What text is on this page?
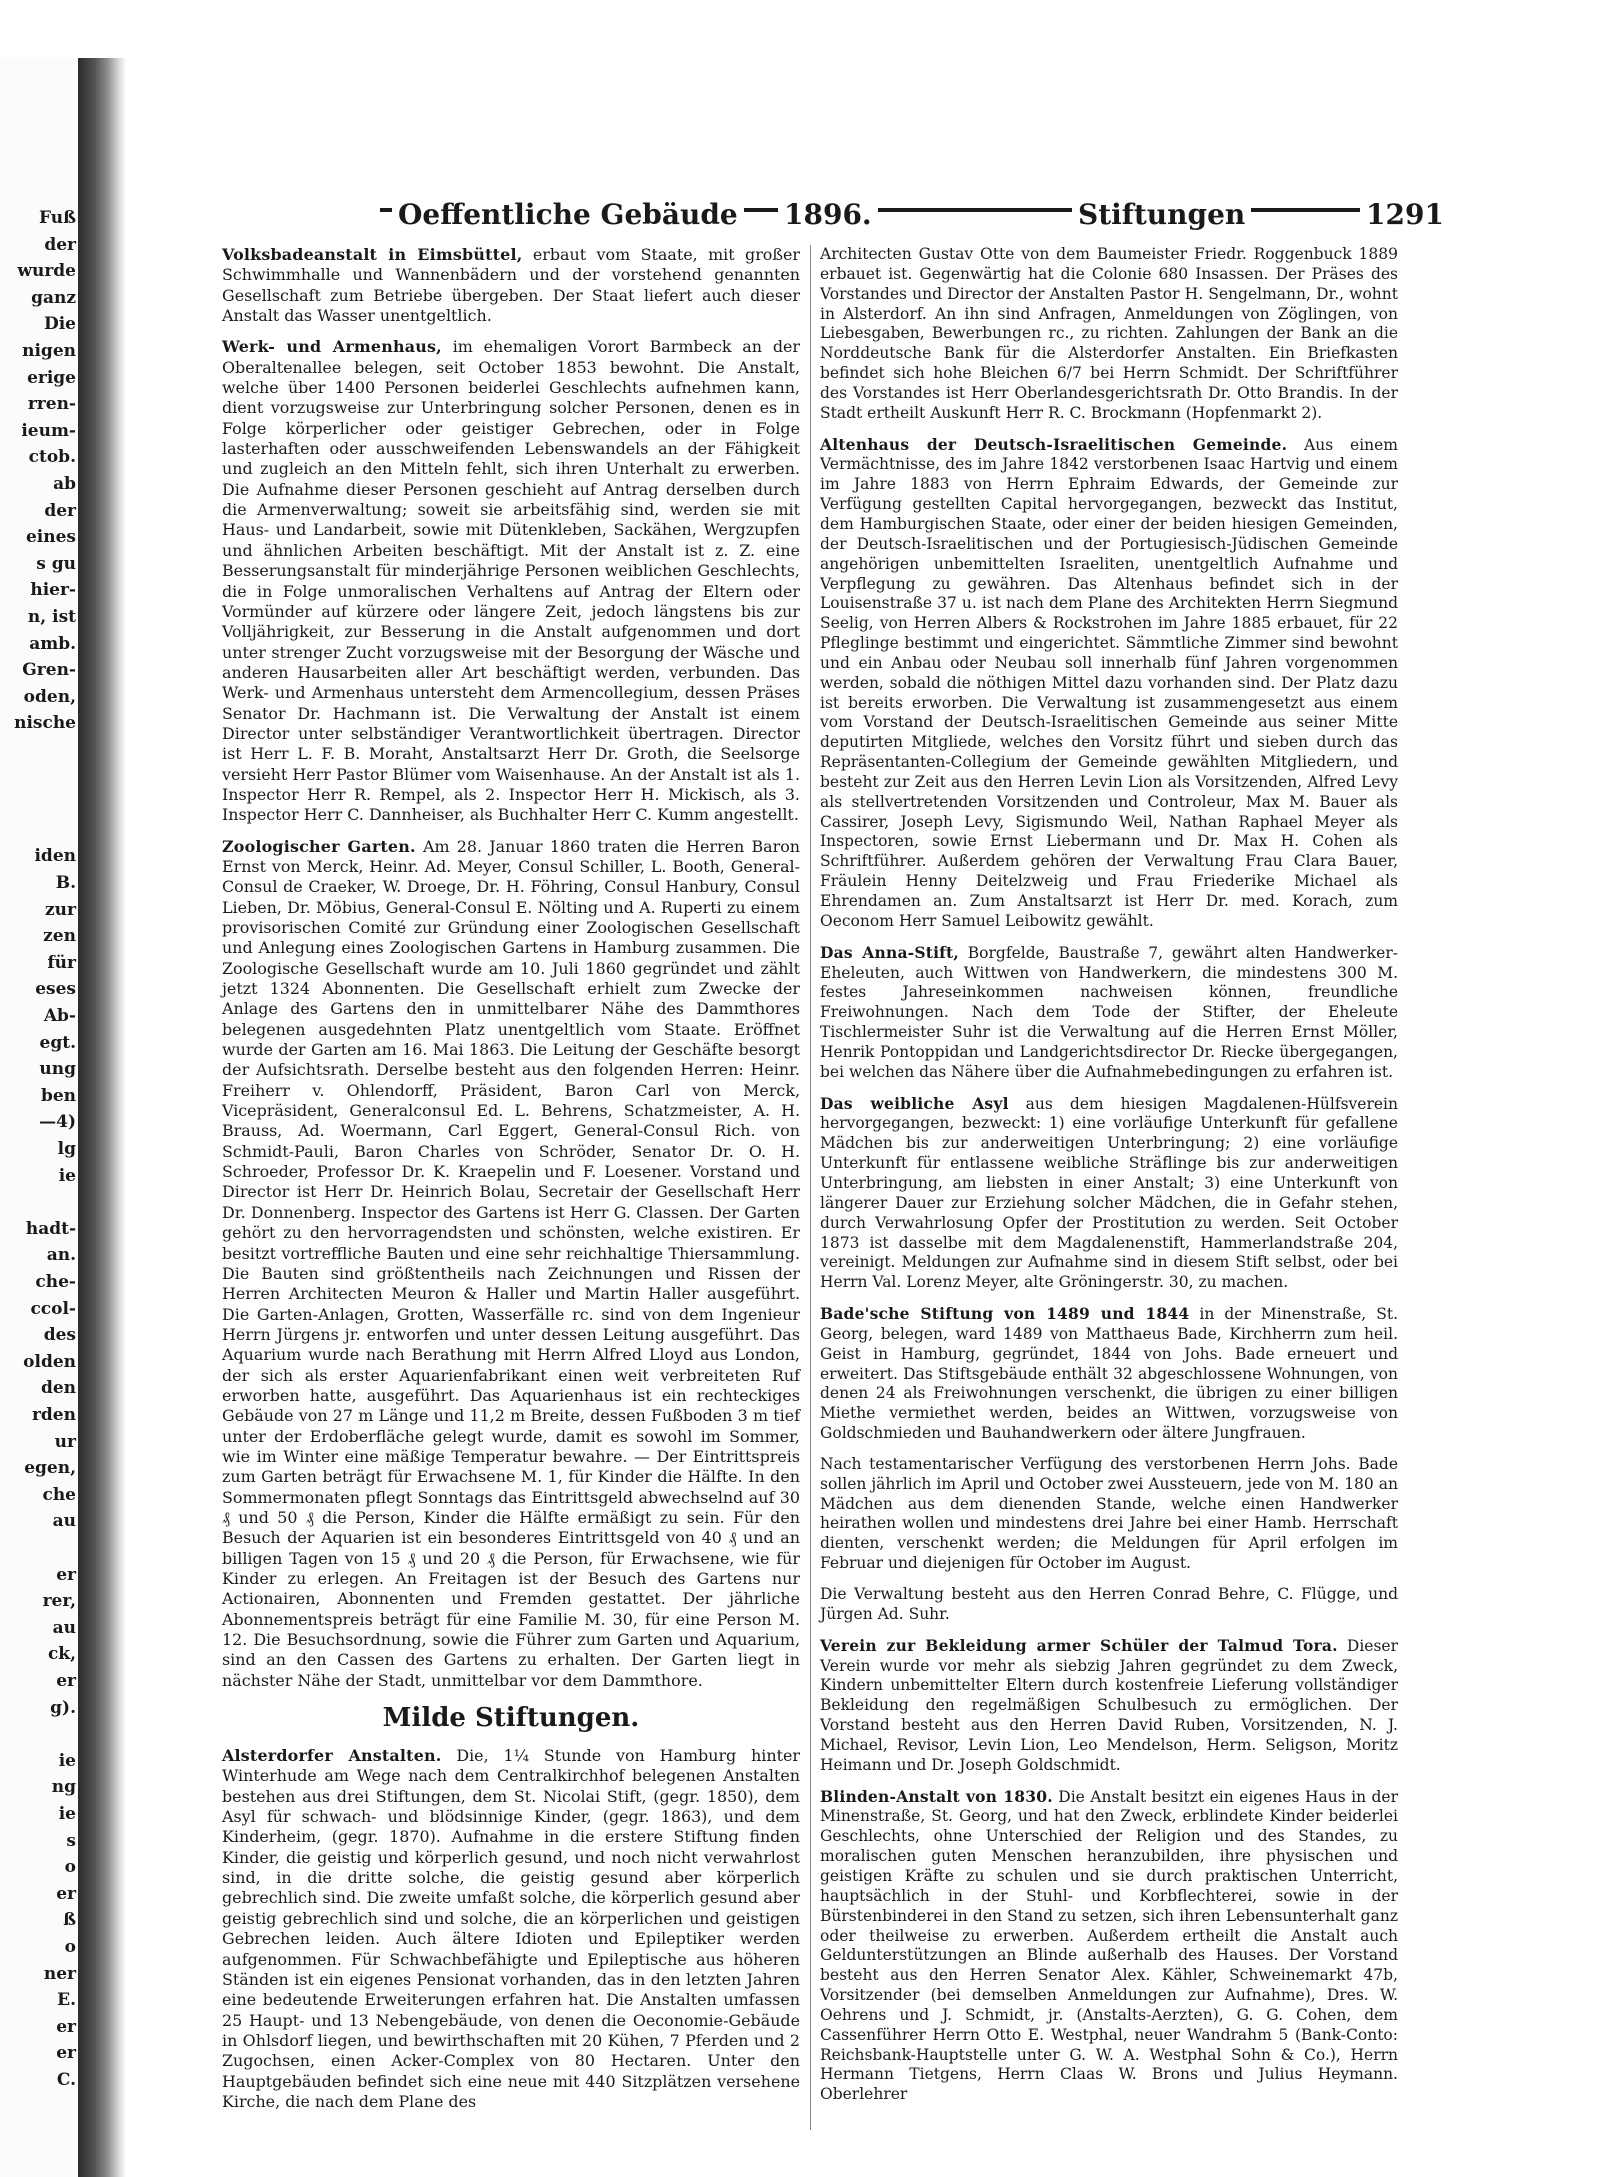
Fuß
der
wurde
ganz
Die
nigen
erige
rren-
ieum-
ctob.
ab
der
eines
s gu
hier-
n, ist
amb.
Gren-
oden,
nische
iden
B.
zur
zen
für
eses
Ab-
egt.
ung
ben
—4)
lg
ie
hadt-
an.
che-
ccol-
des
olden
den
rden
ur
egen,
che
au
er
rer,
au
ck,
er
g).
ie
ng
ie
s
o
er
ß
o
ner
E.
er
er
C.
Oeffentliche Gebäude 1896.	Stiftungen	1291

Volksbadeanstalt in Eimsbüttel, erbaut vom Staate, mit großer Schwimmhalle und Wannenbädern und der vorstehend genannten Gesellschaft zum Betriebe übergeben. Der Staat liefert auch dieser Anstalt das Wasser unentgeltlich.

Werk- und Armenhaus, im ehemaligen Vorort Barmbeck an der Oberaltenallee belegen, seit October 1853 bewohnt. Die Anstalt, welche über 1400 Personen beiderlei Geschlechts aufnehmen kann, dient vorzugsweise zur Unterbringung solcher Personen, denen es in Folge körperlicher oder geistiger Gebrechen, oder in Folge lasterhaften oder ausschweifenden Lebenswandels an der Fähigkeit und zugleich an den Mitteln fehlt, sich ihren Unterhalt zu erwerben. Die Aufnahme dieser Personen geschieht auf Antrag derselben durch die Armenverwaltung; soweit sie arbeitsfähig sind, werden sie mit Haus- und Landarbeit, sowie mit Dütenkleben, Sackähen, Wergzupfen und ähnlichen Arbeiten beschäftigt. Mit der Anstalt ist z. Z. eine Besserungsanstalt für minderjährige Personen weiblichen Geschlechts, die in Folge unmoralischen Verhaltens auf Antrag der Eltern oder Vormünder auf kürzere oder längere Zeit, jedoch längstens bis zur Volljährigkeit, zur Besserung in die Anstalt aufgenommen und dort unter strenger Zucht vorzugsweise mit der Besorgung der Wäsche und anderen Hausarbeiten aller Art beschäftigt werden, verbunden. Das Werk- und Armenhaus untersteht dem Armencollegium, dessen Präses Senator Dr. Hachmann ist. Die Verwaltung der Anstalt ist einem Director unter selbständiger Verantwortlichkeit übertragen. Director ist Herr L. F. B. Moraht, Anstaltsarzt Herr Dr. Groth, die Seelsorge versieht Herr Pastor Blümer vom Waisenhause. An der Anstalt ist als 1. Inspector Herr R. Rempel, als 2. Inspector Herr H. Mickisch, als 3. Inspector Herr C. Dannheiser, als Buchhalter Herr C. Kumm angestellt.

Zoologischer Garten. Am 28. Januar 1860 traten die Herren Baron Ernst von Merck, Heinr. Ad. Meyer, Consul Schiller, L. Booth, General-Consul de Craeker, W. Droege, Dr. H. Föhring, Consul Hanbury, Consul Lieben, Dr. Möbius, General-Consul E. Nölting und A. Ruperti zu einem provisorischen Comité zur Gründung einer Zoologischen Gesellschaft und Anlegung eines Zoologischen Gartens in Hamburg zusammen. Die Zoologische Gesellschaft wurde am 10. Juli 1860 gegründet und zählt jetzt 1324 Abonnenten. Die Gesellschaft erhielt zum Zwecke der Anlage des Gartens den in unmittelbarer Nähe des Dammthores belegenen ausgedehnten Platz unentgeltlich vom Staate. Eröffnet wurde der Garten am 16. Mai 1863. Die Leitung der Geschäfte besorgt der Aufsichtsrath. Derselbe besteht aus den folgenden Herren: Heinr. Freiherr v. Ohlendorff, Präsident, Baron Carl von Merck, Vicepräsident, Generalconsul Ed. L. Behrens, Schatzmeister, A. H. Brauss, Ad. Woermann, Carl Eggert, General-Consul Rich. von Schmidt-Pauli, Baron Charles von Schröder, Senator Dr. O. H. Schroeder, Professor Dr. K. Kraepelin und F. Loesener. Vorstand und Director ist Herr Dr. Heinrich Bolau, Secretair der Gesellschaft Herr Dr. Donnenberg. Inspector des Gartens ist Herr G. Classen. Der Garten gehört zu den hervorragendsten und schönsten, welche existiren. Er besitzt vortreffliche Bauten und eine sehr reichhaltige Thiersammlung. Die Bauten sind größtentheils nach Zeichnungen und Rissen der Herren Architecten Meuron & Haller und Martin Haller ausgeführt. Die Garten-Anlagen, Grotten, Wasserfälle rc. sind von dem Ingenieur Herrn Jürgens jr. entworfen und unter dessen Leitung ausgeführt. Das Aquarium wurde nach Berathung mit Herrn Alfred Lloyd aus London, der sich als erster Aquarienfabrikant einen weit verbreiteten Ruf erworben hatte, ausgeführt. Das Aquarienhaus ist ein rechteckiges Gebäude von 27 m Länge und 11,2 m Breite, dessen Fußboden 3 m tief unter der Erdoberfläche gelegt wurde, damit es sowohl im Sommer, wie im Winter eine mäßige Temperatur bewahre. — Der Eintrittspreis zum Garten beträgt für Erwachsene M. 1, für Kinder die Hälfte. In den Sommermonaten pflegt Sonntags das Eintrittsgeld abwechselnd auf 30 ₰ und 50 ₰ die Person, Kinder die Hälfte ermäßigt zu sein. Für den Besuch der Aquarien ist ein besonderes Eintrittsgeld von 40 ₰ und an billigen Tagen von 15 ₰ und 20 ₰ die Person, für Erwachsene, wie für Kinder zu erlegen. An Freitagen ist der Besuch des Gartens nur Actionairen, Abonnenten und Fremden gestattet. Der jährliche Abonnementspreis beträgt für eine Familie M. 30, für eine Person M. 12. Die Besuchsordnung, sowie die Führer zum Garten und Aquarium, sind an den Cassen des Gartens zu erhalten. Der Garten liegt in nächster Nähe der Stadt, unmittelbar vor dem Dammthore.

Milde Stiftungen.

Alsterdorfer Anstalten. Die, 1¼ Stunde von Hamburg hinter Winterhude am Wege nach dem Centralkirchhof belegenen Anstalten bestehen aus drei Stiftungen, dem St. Nicolai Stift, (gegr. 1850), dem Asyl für schwach- und blödsinnige Kinder, (gegr. 1863), und dem Kinderheim, (gegr. 1870). Aufnahme in die erstere Stiftung finden Kinder, die geistig und körperlich gesund, und noch nicht verwahrlost sind, in die dritte solche, die geistig gesund aber körperlich gebrechlich sind. Die zweite umfaßt solche, die körperlich gesund aber geistig gebrechlich sind und solche, die an körperlichen und geistigen Gebrechen leiden. Auch ältere Idioten und Epileptiker werden aufgenommen. Für Schwachbefähigte und Epileptische aus höheren Ständen ist ein eigenes Pensionat vorhanden, das in den letzten Jahren eine bedeutende Erweiterungen erfahren hat. Die Anstalten umfassen 25 Haupt- und 13 Nebengebäude, von denen die Oeconomie-Gebäude in Ohlsdorf liegen, und bewirthschaften mit 20 Kühen, 7 Pferden und 2 Zugochsen, einen Acker-Complex von 80 Hectaren. Unter den Hauptgebäuden befindet sich eine neue mit 440 Sitzplätzen versehene Kirche, die nach dem Plane des

Architecten Gustav Otte von dem Baumeister Friedr. Roggenbuck 1889 erbauet ist. Gegenwärtig hat die Colonie 680 Insassen. Der Präses des Vorstandes und Director der Anstalten Pastor H. Sengelmann, Dr., wohnt in Alsterdorf. An ihn sind Anfragen, Anmeldungen von Zöglingen, von Liebesgaben, Bewerbungen rc., zu richten. Zahlungen der Bank an die Norddeutsche Bank für die Alsterdorfer Anstalten. Ein Briefkasten befindet sich hohe Bleichen 6/7 bei Herrn Schmidt. Der Schriftführer des Vorstandes ist Herr Oberlandesgerichtsrath Dr. Otto Brandis. In der Stadt ertheilt Auskunft Herr R. C. Brockmann (Hopfenmarkt 2).

Altenhaus der Deutsch-Israelitischen Gemeinde. Aus einem Vermächtnisse, des im Jahre 1842 verstorbenen Isaac Hartvig und einem im Jahre 1883 von Herrn Ephraim Edwards, der Gemeinde zur Verfügung gestellten Capital hervorgegangen, bezweckt das Institut, dem Hamburgischen Staate, oder einer der beiden hiesigen Gemeinden, der Deutsch-Israelitischen und der Portugiesisch-Jüdischen Gemeinde angehörigen unbemittelten Israeliten, unentgeltlich Aufnahme und Verpflegung zu gewähren. Das Altenhaus befindet sich in der Louisenstraße 37 u. ist nach dem Plane des Architekten Herrn Siegmund Seelig, von Herren Albers & Rockstrohen im Jahre 1885 erbauet, für 22 Pfleglinge bestimmt und eingerichtet. Sämmtliche Zimmer sind bewohnt und ein Anbau oder Neubau soll innerhalb fünf Jahren vorgenommen werden, sobald die nöthigen Mittel dazu vorhanden sind. Der Platz dazu ist bereits erworben. Die Verwaltung ist zusammengesetzt aus einem vom Vorstand der Deutsch-Israelitischen Gemeinde aus seiner Mitte deputirten Mitgliede, welches den Vorsitz führt und sieben durch das Repräsentanten-Collegium der Gemeinde gewählten Mitgliedern, und besteht zur Zeit aus den Herren Levin Lion als Vorsitzenden, Alfred Levy als stellvertretenden Vorsitzenden und Controleur, Max M. Bauer als Cassirer, Joseph Levy, Sigismundo Weil, Nathan Raphael Meyer als Inspectoren, sowie Ernst Liebermann und Dr. Max H. Cohen als Schriftführer. Außerdem gehören der Verwaltung Frau Clara Bauer, Fräulein Henny Deitelzweig und Frau Friederike Michael als Ehrendamen an. Zum Anstaltsarzt ist Herr Dr. med. Korach, zum Oeconom Herr Samuel Leibowitz gewählt.

Das Anna-Stift, Borgfelde, Baustraße 7, gewährt alten Handwerker-Eheleuten, auch Wittwen von Handwerkern, die mindestens 300 M. festes Jahreseinkommen nachweisen können, freundliche Freiwohnungen. Nach dem Tode der Stifter, der Eheleute Tischlermeister Suhr ist die Verwaltung auf die Herren Ernst Möller, Henrik Pontoppidan und Landgerichtsdirector Dr. Riecke übergegangen, bei welchen das Nähere über die Aufnahmebedingungen zu erfahren ist.

Das weibliche Asyl aus dem hiesigen Magdalenen-Hülfsverein hervorgegangen, bezweckt: 1) eine vorläufige Unterkunft für gefallene Mädchen bis zur anderweitigen Unterbringung; 2) eine vorläufige Unterkunft für entlassene weibliche Sträflinge bis zur anderweitigen Unterbringung, am liebsten in einer Anstalt; 3) eine Unterkunft von längerer Dauer zur Erziehung solcher Mädchen, die in Gefahr stehen, durch Verwahrlosung Opfer der Prostitution zu werden. Seit October 1873 ist dasselbe mit dem Magdalenenstift, Hammerlandstraße 204, vereinigt. Meldungen zur Aufnahme sind in diesem Stift selbst, oder bei Herrn Val. Lorenz Meyer, alte Gröningerstr. 30, zu machen.

Bade'sche Stiftung von 1489 und 1844 in der Minenstraße, St. Georg, belegen, ward 1489 von Matthaeus Bade, Kirchherrn zum heil. Geist in Hamburg, gegründet, 1844 von Johs. Bade erneuert und erweitert. Das Stiftsgebäude enthält 32 abgeschlossene Wohnungen, von denen 24 als Freiwohnungen verschenkt, die übrigen zu einer billigen Miethe vermiethet werden, beides an Wittwen, vorzugsweise von Goldschmieden und Bauhandwerkern oder ältere Jungfrauen.

Nach testamentarischer Verfügung des verstorbenen Herrn Johs. Bade sollen jährlich im April und October zwei Aussteuern, jede von M. 180 an Mädchen aus dem dienenden Stande, welche einen Handwerker heirathen wollen und mindestens drei Jahre bei einer Hamb. Herrschaft dienten, verschenkt werden; die Meldungen für April erfolgen im Februar und diejenigen für October im August.

Die Verwaltung besteht aus den Herren Conrad Behre, C. Flügge, und Jürgen Ad. Suhr.

Verein zur Bekleidung armer Schüler der Talmud Tora. Dieser Verein wurde vor mehr als siebzig Jahren gegründet zu dem Zweck, Kindern unbemittelter Eltern durch kostenfreie Lieferung vollständiger Bekleidung den regelmäßigen Schulbesuch zu ermöglichen. Der Vorstand besteht aus den Herren David Ruben, Vorsitzenden, N. J. Michael, Revisor, Levin Lion, Leo Mendelson, Herm. Seligson, Moritz Heimann und Dr. Joseph Goldschmidt.

Blinden-Anstalt von 1830. Die Anstalt besitzt ein eigenes Haus in der Minenstraße, St. Georg, und hat den Zweck, erblindete Kinder beiderlei Geschlechts, ohne Unterschied der Religion und des Standes, zu moralischen guten Menschen heranzubilden, ihre physischen und geistigen Kräfte zu schulen und sie durch praktischen Unterricht, hauptsächlich in der Stuhl- und Korbflechterei, sowie in der Bürstenbinderei in den Stand zu setzen, sich ihren Lebensunterhalt ganz oder theilweise zu erwerben. Außerdem ertheilt die Anstalt auch Geldunterstützungen an Blinde außerhalb des Hauses. Der Vorstand besteht aus den Herren Senator Alex. Kähler, Schweinemarkt 47b, Vorsitzender (bei demselben Anmeldungen zur Aufnahme), Dres. W. Oehrens und J. Schmidt, jr. (Anstalts-Aerzten), G. G. Cohen, dem Cassenführer Herrn Otto E. Westphal, neuer Wandrahm 5 (Bank-Conto: Reichsbank-Hauptstelle unter G. W. A. Westphal Sohn & Co.), Herrn Hermann Tietgens, Herrn Claas W. Brons und Julius Heymann. Oberlehrer
